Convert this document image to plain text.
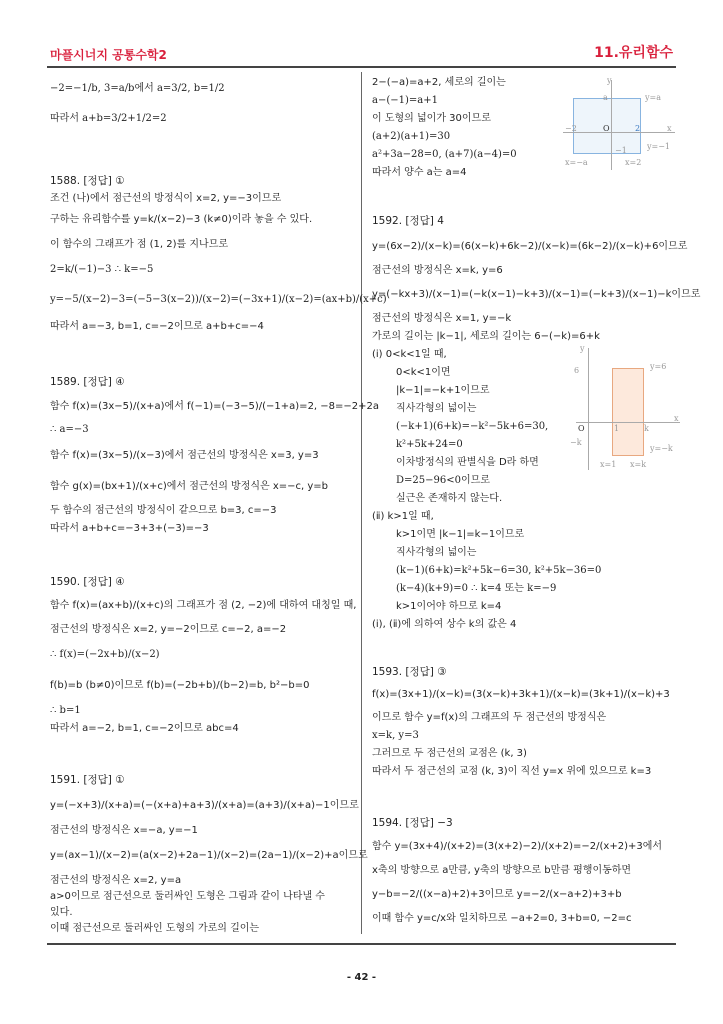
마플시너지 공통수학2	11.유리함수
−2=−1/b, 3=a/b에서 a=3/2, b=1/2
따라서 a+b=3/2+1/2=2
1588. [정답] ①
조건 (나)에서 점근선의 방정식이 x=2, y=−3이므로
구하는 유리함수를 y=k/(x−2)−3 (k≠0)이라 놓을 수 있다.
이 함수의 그래프가 점 (1, 2)를 지나므로
2=k/(−1)−3 ∴ k=−5
y=−5/(x−2)−3=(−5−3(x−2))/(x−2)=(−3x+1)/(x−2)=(ax+b)/(x+c)
따라서 a=−3, b=1, c=−2이므로 a+b+c=−4
1589. [정답] ④
함수 f(x)=(3x−5)/(x+a)에서 f(−1)=(−3−5)/(−1+a)=2, −8=−2+2a
∴ a=−3
함수 f(x)=(3x−5)/(x−3)에서 점근선의 방정식은 x=3, y=3
함수 g(x)=(bx+1)/(x+c)에서 점근선의 방정식은 x=−c, y=b
두 함수의 점근선의 방정식이 같으므로 b=3, c=−3
따라서 a+b+c=−3+3+(−3)=−3
1590. [정답] ④
함수 f(x)=(ax+b)/(x+c)의 그래프가 점 (2, −2)에 대하여 대칭일 때,
점근선의 방정식은 x=2, y=−2이므로 c=−2, a=−2
∴ f(x)=(−2x+b)/(x−2)
f(b)=b (b≠0)이므로 f(b)=(−2b+b)/(b−2)=b, b²−b=0
∴ b=1
따라서 a=−2, b=1, c=−2이므로 abc=4
1591. [정답] ①
y=(−x+3)/(x+a)=(−(x+a)+a+3)/(x+a)=(a+3)/(x+a)−1이므로
점근선의 방정식은 x=−a, y=−1
y=(ax−1)/(x−2)=(a(x−2)+2a−1)/(x−2)=(2a−1)/(x−2)+a이므로
점근선의 방정식은 x=2, y=a
a>0이므로 점근선으로 둘러싸인 도형은 그림과 같이 나타낼 수
있다.
이때 점근선으로 둘러싸인 도형의 가로의 길이는
2−(−a)=a+2, 세로의 길이는
a−(−1)=a+1
이 도형의 넓이가 30이므로
(a+2)(a+1)=30
a²+3a−28=0, (a+7)(a−4)=0
따라서 양수 a는 a=4
1592. [정답] 4
y=(6x−2)/(x−k)=(6(x−k)+6k−2)/(x−k)=(6k−2)/(x−k)+6이므로
점근선의 방정식은 x=k, y=6
y=(−kx+3)/(x−1)=(−k(x−1)−k+3)/(x−1)=(−k+3)/(x−1)−k이므로
점근선의 방정식은 x=1, y=−k
가로의 길이는 |k−1|, 세로의 길이는 6−(−k)=6+k
(ⅰ) 0<k<1일 때,
0<k<1이면
|k−1|=−k+1이므로
직사각형의 넓이는
(−k+1)(6+k)=−k²−5k+6=30,
k²+5k+24=0
이차방정식의 판별식을 D라 하면
D=25−96<0이므로
실근은 존재하지 않는다.
(ⅱ) k>1일 때,
k>1이면 |k−1|=k−1이므로
직사각형의 넓이는
(k−1)(6+k)=k²+5k−6=30, k²+5k−36=0
(k−4)(k+9)=0 ∴ k=4 또는 k=−9
k>1이어야 하므로 k=4
(ⅰ), (ⅱ)에 의하여 상수 k의 값은 4
1593. [정답] ③
f(x)=(3x+1)/(x−k)=(3(x−k)+3k+1)/(x−k)=(3k+1)/(x−k)+3
이므로 함수 y=f(x)의 그래프의 두 점근선의 방정식은
x=k, y=3
그러므로 두 점근선의 교점은 (k, 3)
따라서 두 점근선의 교점 (k, 3)이 직선 y=x 위에 있으므로 k=3
1594. [정답] −3
함수 y=(3x+4)/(x+2)=(3(x+2)−2)/(x+2)=−2/(x+2)+3에서
x축의 방향으로 a만큼, y축의 방향으로 b만큼 평행이동하면
y−b=−2/((x−a)+2)+3이므로 y=−2/(x−a+2)+3+b
이때 함수 y=c/x와 일치하므로 −a+2=0, 3+b=0, −2=c
y
y=a
a
−2	O	2	x
−1	y=−1
x=−a	x=2
y
6	y=6
−k
O	1	k
x
y=−k
x=1 x=k
- 42 -
